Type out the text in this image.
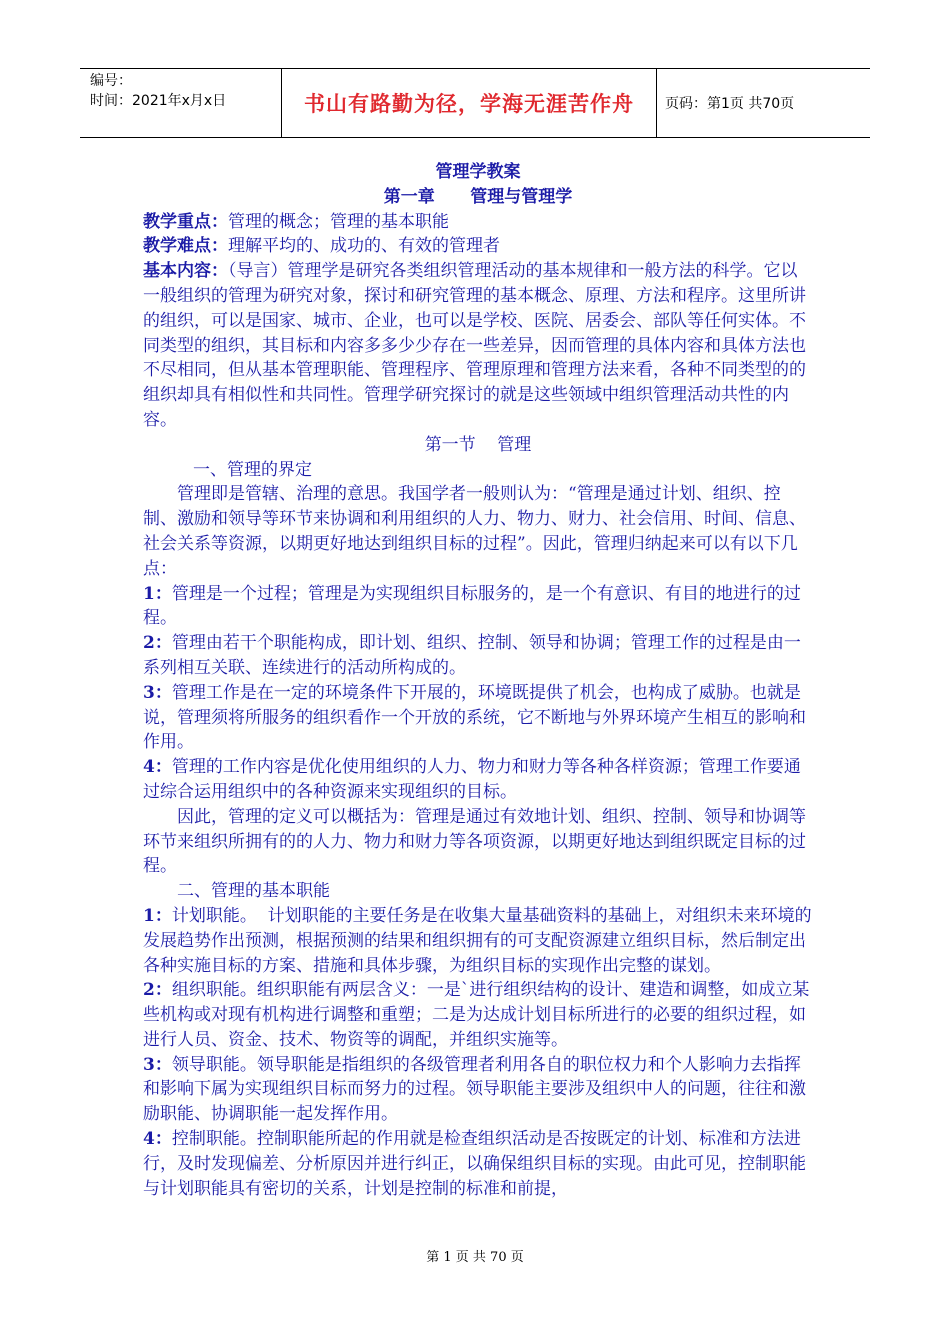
编号：
时间：2021年x月x日	书山有路勤为径，学海无涯苦作舟	页码：第1页 共70页

管理学教案

第一章      管理与管理学

教学重点：管理的概念；管理的基本职能

教学难点：理解平均的、成功的、有效的管理者

基本内容：（导言）管理学是研究各类组织管理活动的基本规律和一般方法的科学。它以一般组织的管理为研究对象，探讨和研究管理的基本概念、原理、方法和程序。这里所讲的组织，可以是国家、城市、企业，也可以是学校、医院、居委会、部队等任何实体。不同类型的组织，其目标和内容多多少少存在一些差异，因而管理的具体内容和具体方法也不尽相同，但从基本管理职能、管理程序、管理原理和管理方法来看，各种不同类型的的组织却具有相似性和共同性。管理学研究探讨的就是这些领域中组织管理活动共性的内容。

第一节    管理

一、管理的界定

管理即是管辖、治理的意思。我国学者一般则认为：“管理是通过计划、组织、控制、激励和领导等环节来协调和利用组织的人力、物力、财力、社会信用、时间、信息、社会关系等资源，以期更好地达到组织目标的过程”。因此，管理归纳起来可以有以下几点：

1：管理是一个过程；管理是为实现组织目标服务的，是一个有意识、有目的地进行的过程。

2：管理由若干个职能构成，即计划、组织、控制、领导和协调；管理工作的过程是由一系列相互关联、连续进行的活动所构成的。

3：管理工作是在一定的环境条件下开展的，环境既提供了机会，也构成了威胁。也就是说，管理须将所服务的组织看作一个开放的系统，它不断地与外界环境产生相互的影响和作用。

4：管理的工作内容是优化使用组织的人力、物力和财力等各种各样资源；管理工作要通过综合运用组织中的各种资源来实现组织的目标。

因此，管理的定义可以概括为：管理是通过有效地计划、组织、控制、领导和协调等环节来组织所拥有的的人力、物力和财力等各项资源，以期更好地达到组织既定目标的过程。

二、管理的基本职能

1：计划职能。  计划职能的主要任务是在收集大量基础资料的基础上，对组织未来环境的发展趋势作出预测，根据预测的结果和组织拥有的可支配资源建立组织目标，然后制定出各种实施目标的方案、措施和具体步骤，为组织目标的实现作出完整的谋划。

2：组织职能。组织职能有两层含义：一是`进行组织结构的设计、建造和调整，如成立某些机构或对现有机构进行调整和重塑；二是为达成计划目标所进行的必要的组织过程，如进行人员、资金、技术、物资等的调配，并组织实施等。

3：领导职能。领导职能是指组织的各级管理者利用各自的职位权力和个人影响力去指挥和影响下属为实现组织目标而努力的过程。领导职能主要涉及组织中人的问题，往往和激励职能、协调职能一起发挥作用。

4：控制职能。控制职能所起的作用就是检查组织活动是否按既定的计划、标准和方法进行，及时发现偏差、分析原因并进行纠正，以确保组织目标的实现。由此可见，控制职能与计划职能具有密切的关系，计划是控制的标准和前提，

第 1 页 共 70 页
